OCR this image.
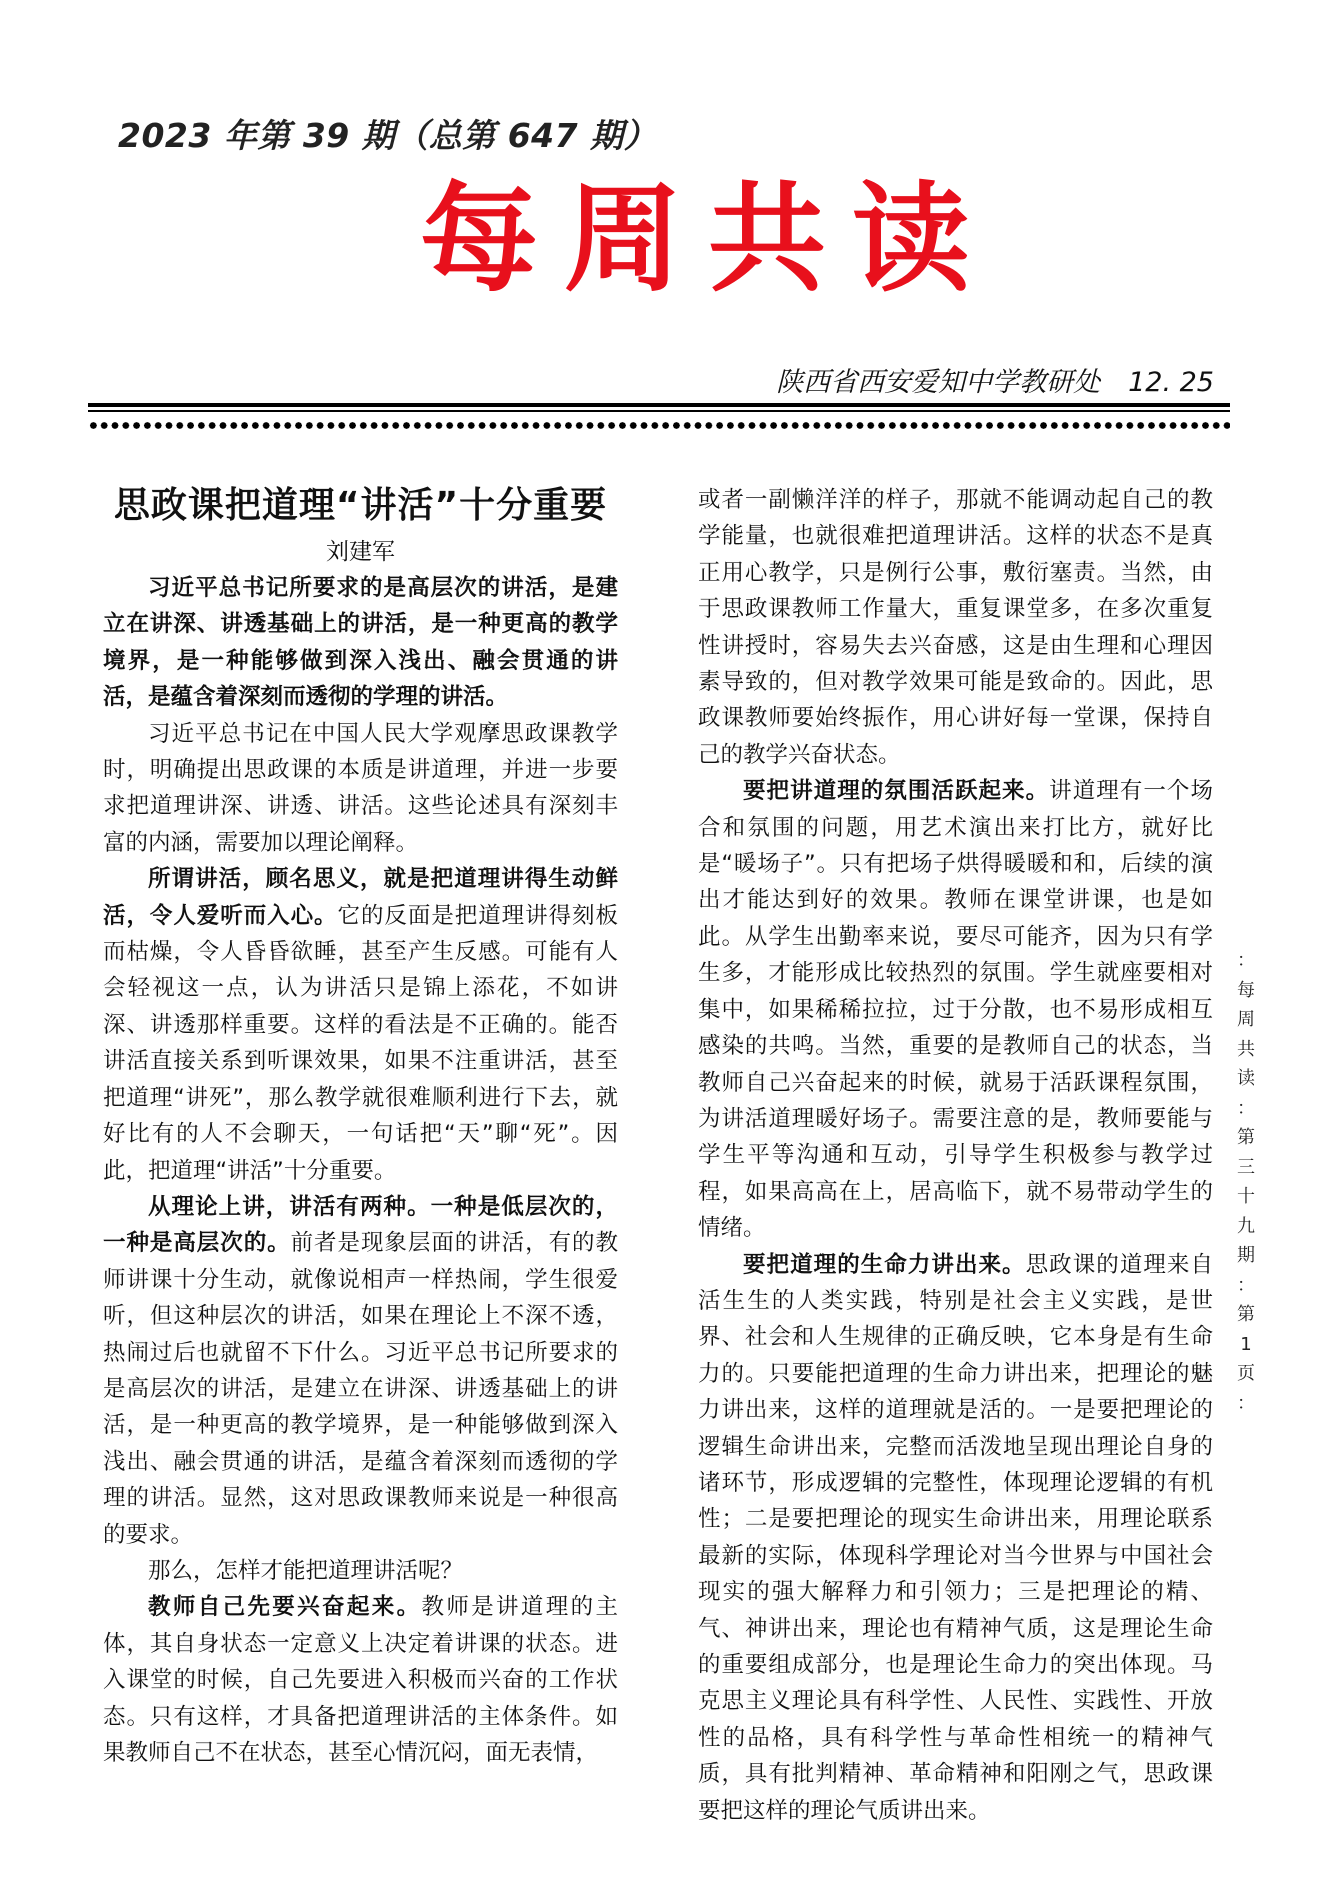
2023 年第 39 期（总第 647 期）
每周共读
陕西省西安爱知中学教研处 12. 25
思政课把道理“讲活”十分重要
刘建军

习近平总书记所要求的是高层次的讲活，是建立在讲深、讲透基础上的讲活，是一种更高的教学境界，是一种能够做到深入浅出、融会贯通的讲活，是蕴含着深刻而透彻的学理的讲活。

习近平总书记在中国人民大学观摩思政课教学时，明确提出思政课的本质是讲道理，并进一步要求把道理讲深、讲透、讲活。这些论述具有深刻丰富的内涵，需要加以理论阐释。

所谓讲活，顾名思义，就是把道理讲得生动鲜活，令人爱听而入心。它的反面是把道理讲得刻板而枯燥，令人昏昏欲睡，甚至产生反感。可能有人会轻视这一点，认为讲活只是锦上添花，不如讲深、讲透那样重要。这样的看法是不正确的。能否讲活直接关系到听课效果，如果不注重讲活，甚至把道理“讲死”，那么教学就很难顺利进行下去，就好比有的人不会聊天，一句话把“天”聊“死”。因此，把道理“讲活”十分重要。

从理论上讲，讲活有两种。一种是低层次的，一种是高层次的。前者是现象层面的讲活，有的教师讲课十分生动，就像说相声一样热闹，学生很爱听，但这种层次的讲活，如果在理论上不深不透，热闹过后也就留不下什么。习近平总书记所要求的是高层次的讲活，是建立在讲深、讲透基础上的讲活，是一种更高的教学境界，是一种能够做到深入浅出、融会贯通的讲活，是蕴含着深刻而透彻的学理的讲活。显然，这对思政课教师来说是一种很高的要求。

那么，怎样才能把道理讲活呢？

教师自己先要兴奋起来。教师是讲道理的主体，其自身状态一定意义上决定着讲课的状态。进入课堂的时候，自己先要进入积极而兴奋的工作状态。只有这样，才具备把道理讲活的主体条件。如果教师自己不在状态，甚至心情沉闷，面无表情，

或者一副懒洋洋的样子，那就不能调动起自己的教学能量，也就很难把道理讲活。这样的状态不是真正用心教学，只是例行公事，敷衍塞责。当然，由于思政课教师工作量大，重复课堂多，在多次重复性讲授时，容易失去兴奋感，这是由生理和心理因素导致的，但对教学效果可能是致命的。因此，思政课教师要始终振作，用心讲好每一堂课，保持自己的教学兴奋状态。

要把讲道理的氛围活跃起来。讲道理有一个场合和氛围的问题，用艺术演出来打比方，就好比是“暖场子”。只有把场子烘得暖暖和和，后续的演出才能达到好的效果。教师在课堂讲课，也是如此。从学生出勤率来说，要尽可能齐，因为只有学生多，才能形成比较热烈的氛围。学生就座要相对集中，如果稀稀拉拉，过于分散，也不易形成相互感染的共鸣。当然，重要的是教师自己的状态，当教师自己兴奋起来的时候，就易于活跃课程氛围，为讲活道理暖好场子。需要注意的是，教师要能与学生平等沟通和互动，引导学生积极参与教学过程，如果高高在上，居高临下，就不易带动学生的情绪。

要把道理的生命力讲出来。思政课的道理来自活生生的人类实践，特别是社会主义实践，是世界、社会和人生规律的正确反映，它本身是有生命力的。只要能把道理的生命力讲出来，把理论的魅力讲出来，这样的道理就是活的。一是要把理论的逻辑生命讲出来，完整而活泼地呈现出理论自身的诸环节，形成逻辑的完整性，体现理论逻辑的有机性；二是要把理论的现实生命讲出来，用理论联系最新的实际，体现科学理论对当今世界与中国社会现实的强大解释力和引领力；三是把理论的精、气、神讲出来，理论也有精神气质，这是理论生命的重要组成部分，也是理论生命力的突出体现。马克思主义理论具有科学性、人民性、实践性、开放性的品格，具有科学性与革命性相统一的精神气质，具有批判精神、革命精神和阳刚之气，思政课要把这样的理论气质讲出来。

：
每
周
共
读
：
第
三
十
九
期
：
第
1
页
：
